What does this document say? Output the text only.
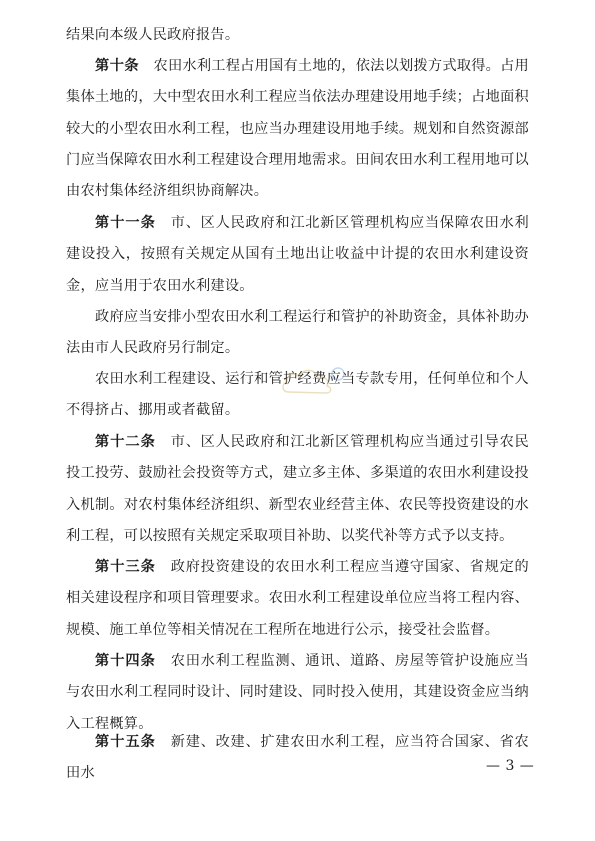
结果向本级人民政府报告。

第十条　 农田水利工程占用国有土地的，依法以划拨方式取得。占用集体土地的，大中型农田水利工程应当依法办理建设用地手续；占地面积较大的小型农田水利工程，也应当办理建设用地手续。规划和自然资源部门应当保障农田水利工程建设合理用地需求。田间农田水利工程用地可以由农村集体经济组织协商解决。

第十一条　 市、区人民政府和江北新区管理机构应当保障农田水利建设投入，按照有关规定从国有土地出让收益中计提的农田水利建设资金，应当用于农田水利建设。

政府应当安排小型农田水利工程运行和管护的补助资金，具体补助办法由市人民政府另行制定。

农田水利工程建设、运行和管护经费应当专款专用，任何单位和个人不得挤占、挪用或者截留。

第十二条　 市、区人民政府和江北新区管理机构应当通过引导农民投工投劳、鼓励社会投资等方式，建立多主体、多渠道的农田水利建设投入机制。对农村集体经济组织、新型农业经营主体、农民等投资建设的水利工程，可以按照有关规定采取项目补助、以奖代补等方式予以支持。

第十三条　 政府投资建设的农田水利工程应当遵守国家、省规定的相关建设程序和项目管理要求。农田水利工程建设单位应当将工程内容、规模、施工单位等相关情况在工程所在地进行公示，接受社会监督。

第十四条　 农田水利工程监测、通讯、道路、房屋等管护设施应当与农田水利工程同时设计、同时建设、同时投入使用，其建设资金应当纳入工程概算。

第十五条　 新建、改建、扩建农田水利工程，应当符合国家、省农田水	— 3 —
